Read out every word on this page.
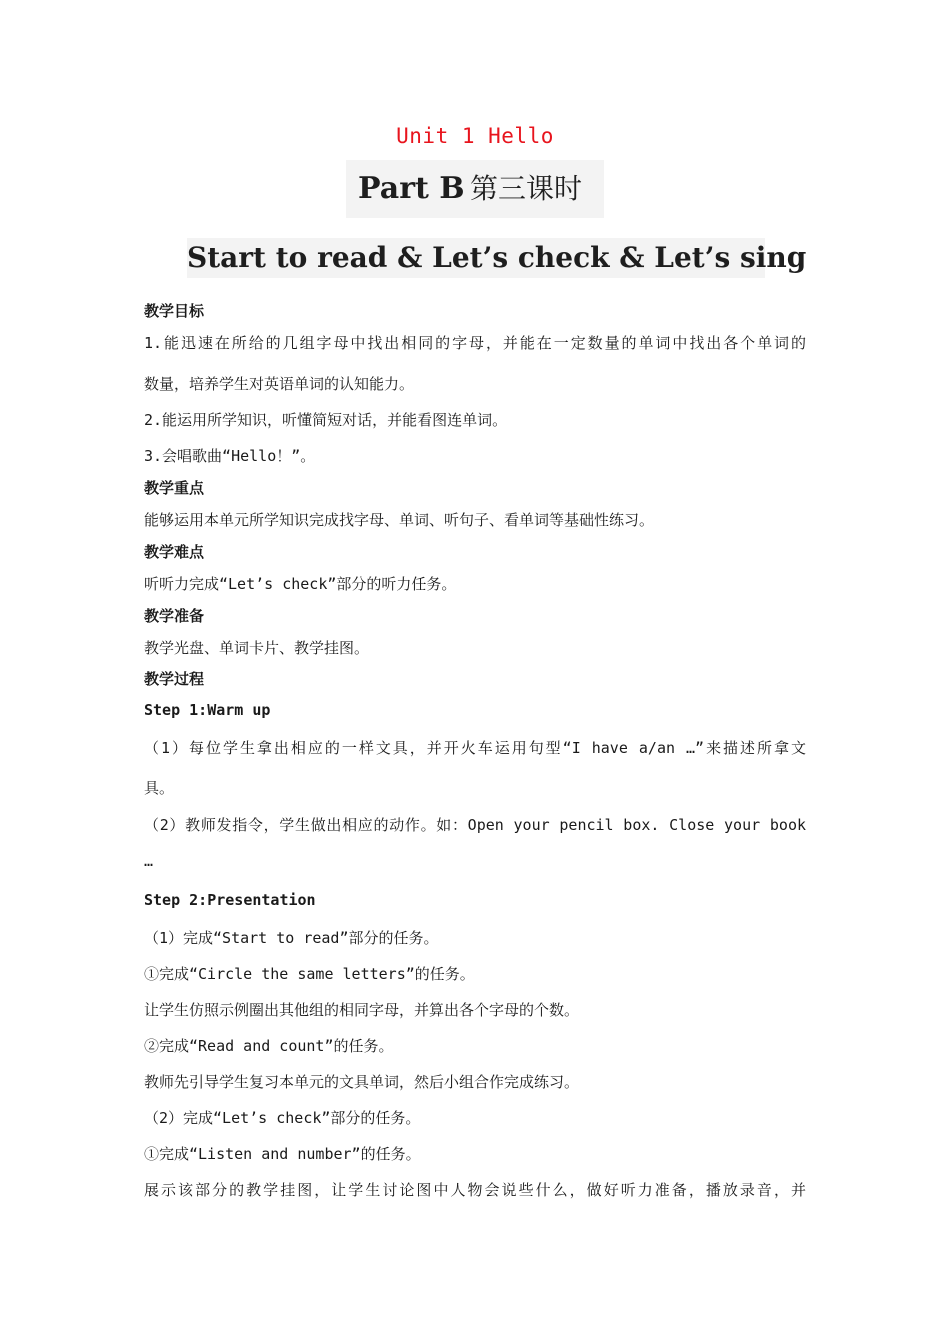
Unit 1 Hello
Part B 第三课时
Start to read & Let’s check & Let’s sing
教学目标
1.能迅速在所给的几组字母中找出相同的字母，并能在一定数量的单词中找出各个单词的
数量，培养学生对英语单词的认知能力。
2.能运用所学知识，听懂简短对话，并能看图连单词。
3.会唱歌曲“Hello！”。
教学重点
能够运用本单元所学知识完成找字母、单词、听句子、看单词等基础性练习。
教学难点
听听力完成“Let’s check”部分的听力任务。
教学准备
教学光盘、单词卡片、教学挂图。
教学过程
Step 1:Warm up
（1）每位学生拿出相应的一样文具，并开火车运用句型“I have a/an …”来描述所拿文
具。
（2）教师发指令，学生做出相应的动作。如：Open your pencil box. Close your book
…
Step 2:Presentation
（1）完成“Start to read”部分的任务。
①完成“Circle the same letters”的任务。
让学生仿照示例圈出其他组的相同字母，并算出各个字母的个数。
②完成“Read and count”的任务。
教师先引导学生复习本单元的文具单词，然后小组合作完成练习。
（2）完成“Let’s check”部分的任务。
①完成“Listen and number”的任务。
展示该部分的教学挂图，让学生讨论图中人物会说些什么，做好听力准备，播放录音，并
